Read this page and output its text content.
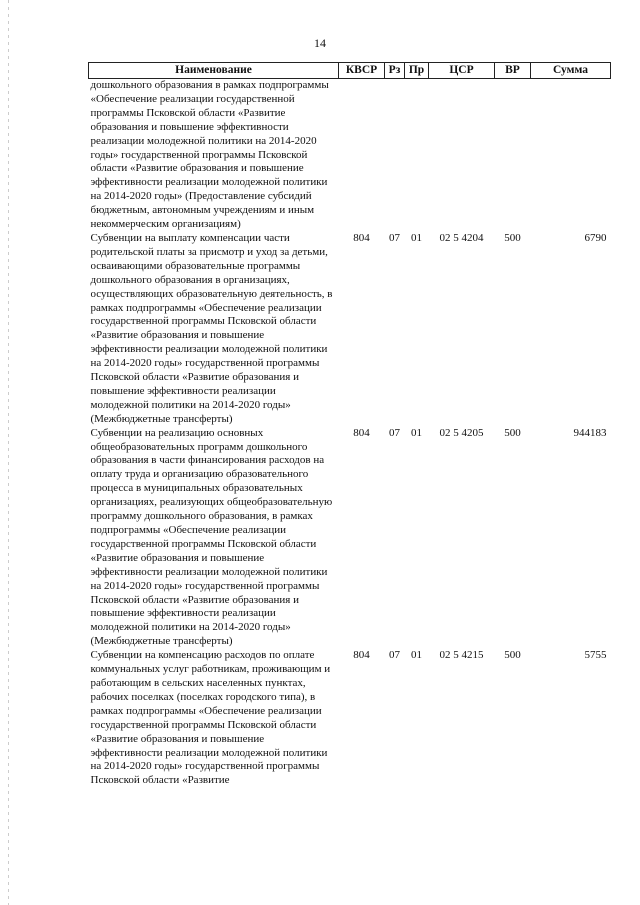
14
Наименование	КВСР	Рз	Пр	ЦСР	ВР	Сумма
дошкольного образования в рамках подпрограммы «Обеспечение реализации государственной программы Псковской области «Развитие образования и повышение эффективности реализации молодежной политики на 2014-2020 годы» государственной программы Псковской области «Развитие образования и повышение эффективности реализации молодежной политики на 2014-2020 годы» (Предоставление субсидий бюджетным, автономным учреждениям и иным некоммерческим организациям)						
Субвенции на выплату компенсации части родительской платы за присмотр и уход за детьми, осваивающими образовательные программы дошкольного образования в организациях, осуществляющих образовательную деятельность, в рамках подпрограммы «Обеспечение реализации государственной программы Псковской области «Развитие образования и повышение эффективности реализации молодежной политики на 2014-2020 годы» государственной программы Псковской области «Развитие образования и повышение эффективности реализации молодежной политики на 2014-2020 годы» (Межбюджетные трансферты)	804	07	01	02 5 4204	500	6790
Субвенции на реализацию основных общеобразовательных программ дошкольного образования в части финансирования расходов на оплату труда и организацию образовательного процесса в муниципальных образовательных организациях, реализующих общеобразовательную программу дошкольного образования, в рамках подпрограммы «Обеспечение реализации государственной программы Псковской области «Развитие образования и повышение эффективности реализации молодежной политики на 2014-2020 годы» государственной программы Псковской области «Развитие образования и повышение эффективности реализации молодежной политики на 2014-2020 годы» (Межбюджетные трансферты)	804	07	01	02 5 4205	500	944183
Субвенции на компенсацию расходов по оплате коммунальных услуг работникам, проживающим и работающим в сельских населенных пунктах, рабочих поселках (поселках городского типа), в рамках подпрограммы «Обеспечение реализации государственной программы Псковской области «Развитие образования и повышение эффективности реализации молодежной политики на 2014-2020 годы» государственной программы Псковской области «Развитие	804	07	01	02 5 4215	500	5755
